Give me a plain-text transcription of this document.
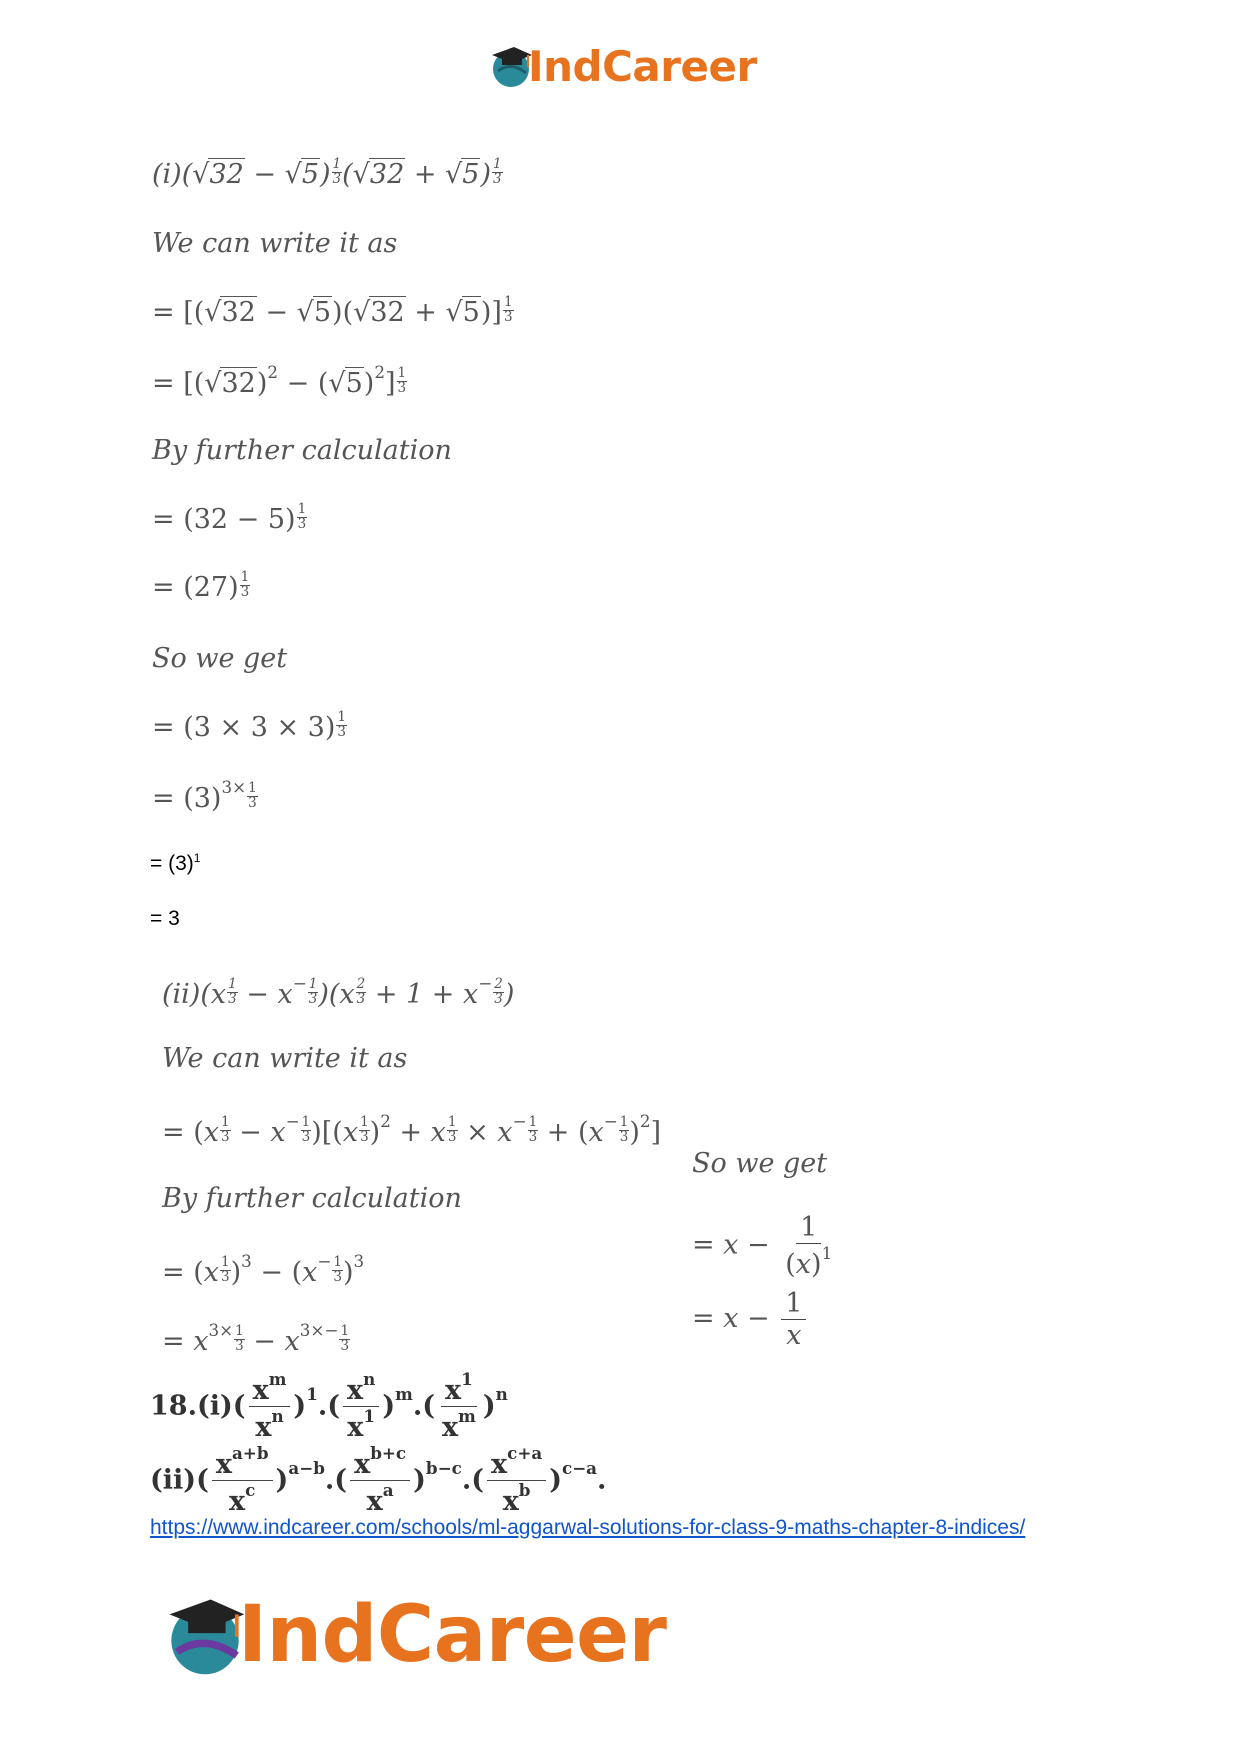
IndCareer
$(i)(√32 - √5) \frac{1}{3} (√32 + √5) \frac{1}{3}$
We can write it as
= $[(√32 - √5)(√32 + √5)] \frac{1}{3}$
= $[(√32)^2 - (√5)^2] \frac{1}{3}$
By further calculation
= $(32 - 5) \frac{1}{3}$
= $(27) \frac{1}{3}$
So we get
= $(3 \times 3 \times 3) \frac{1}{3}$
= $(3)^{3\times} \frac{1}{3}$
= $(3)^1$
= 3
$(ii)(x \frac{1}{3} - x^- \frac{1}{3} )(x \frac{2}{3} + 1 + x^- \frac{2}{3}$ )
We can write it as
= $(x \frac{1}{3} - x^- \frac{1}{3} )[(x \frac{1}{3} )^2 + x \frac{1}{3} \times x^- \frac{1}{3} + (x^- \frac{1}{3} )^2]$
So we get
By further calculation
= $x - \frac{1}{(x)^1}$
= $(x \frac{1}{3} )^3 - (x^- \frac{1}{3} )^3$
= $x - \frac{1}{x}$
= $x^{3\times} \frac{1}{3} - x^{3\times-} \frac{1}{3}$
$18.(i)( \frac{x^m}{x^n} )^1.( \frac{x^n}{x^1} )^m.( \frac{x^1}{x^m} )^n$
$(ii)( \frac{x^{a+b}}{x^c} )^{a-b}.( \frac{x^{b+c}}{x^a} )^{b-c}.( \frac{x^{c+a}}{x^b} )^{c-a}$.
https://www.indcareer.com/schools/ml-aggarwal-solutions-for-class-9-maths-chapter-8-indices/
IndCareer
